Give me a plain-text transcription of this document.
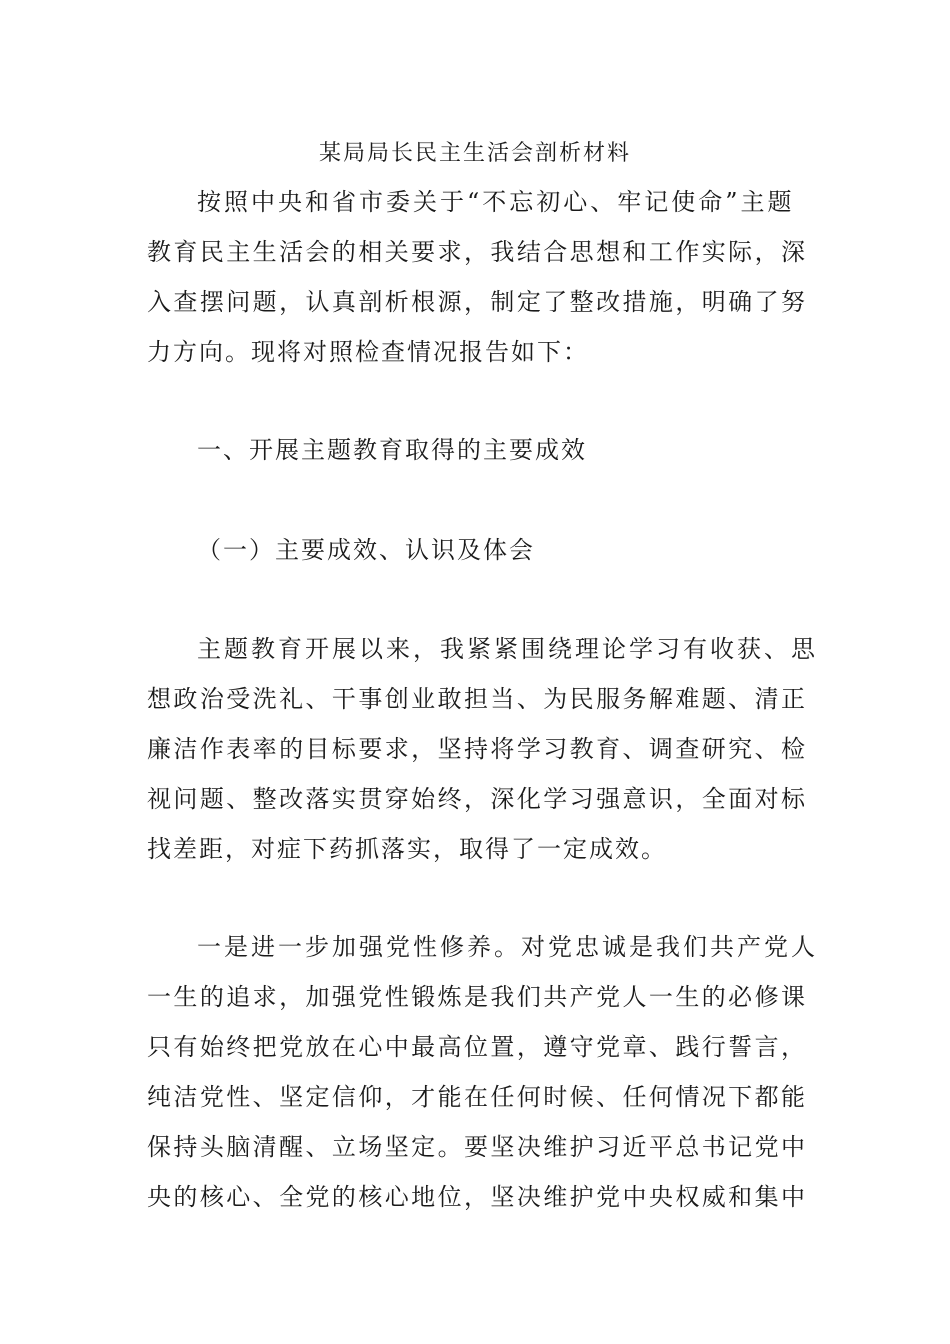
某局局长民主生活会剖析材料
按照中央和省市委关于“不忘初心、牢记使命”主题
教育民主生活会的相关要求，我结合思想和工作实际，深
入查摆问题，认真剖析根源，制定了整改措施，明确了努
力方向。现将对照检查情况报告如下：
一、开展主题教育取得的主要成效
（一）主要成效、认识及体会
主题教育开展以来，我紧紧围绕理论学习有收获、思
想政治受洗礼、干事创业敢担当、为民服务解难题、清正
廉洁作表率的目标要求，坚持将学习教育、调查研究、检
视问题、整改落实贯穿始终，深化学习强意识，全面对标
找差距，对症下药抓落实，取得了一定成效。
一是进一步加强党性修养。对党忠诚是我们共产党人
一生的追求，加强党性锻炼是我们共产党人一生的必修课
只有始终把党放在心中最高位置，遵守党章、践行誓言，
纯洁党性、坚定信仰，才能在任何时候、任何情况下都能
保持头脑清醒、立场坚定。要坚决维护习近平总书记党中
央的核心、全党的核心地位，坚决维护党中央权威和集中
